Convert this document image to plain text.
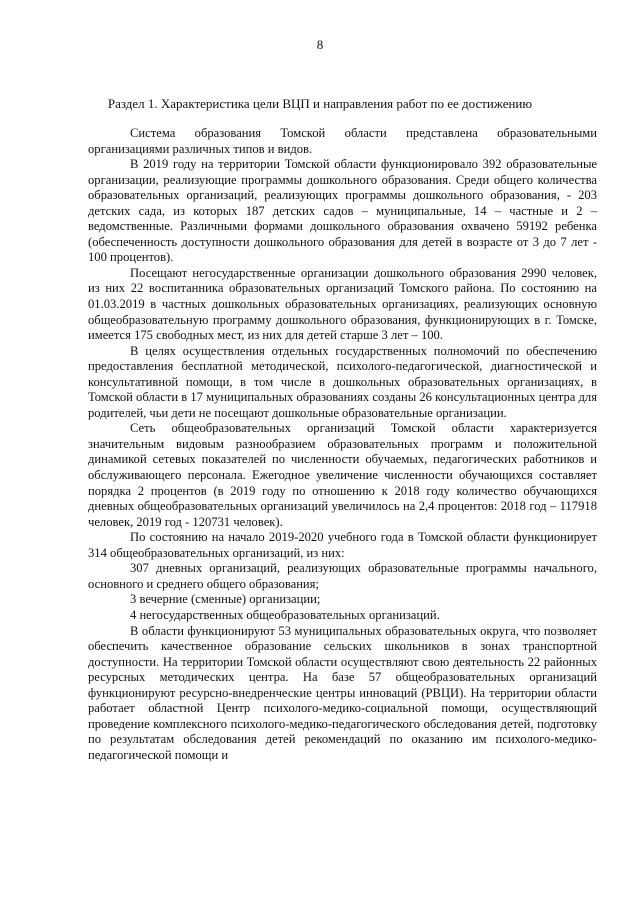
8
Раздел 1. Характеристика цели ВЦП и направления работ по ее достижению

Система образования Томской области представлена образовательными организациями различных типов и видов.

В 2019 году на территории Томской области функционировало 392 образовательные организации, реализующие программы дошкольного образования. Среди общего количества образовательных организаций, реализующих программы дошкольного образования, - 203 детских сада, из которых 187 детских садов – муниципальные, 14 – частные и 2 – ведомственные. Различными формами дошкольного образования охвачено 59192 ребенка (обеспеченность доступности дошкольного образования для детей в возрасте от 3 до 7 лет - 100 процентов).

Посещают негосударственные организации дошкольного образования 2990 человек, из них 22 воспитанника образовательных организаций Томского района. По состоянию на 01.03.2019 в частных дошкольных образовательных организациях, реализующих основную общеобразовательную программу дошкольного образования, функционирующих в г. Томске, имеется 175 свободных мест, из них для детей старше 3 лет – 100.

В целях осуществления отдельных государственных полномочий по обеспечению предоставления бесплатной методической, психолого-педагогической, диагностической и консультативной помощи, в том числе в дошкольных образовательных организациях, в Томской области в 17 муниципальных образованиях созданы 26 консультационных центра для родителей, чьи дети не посещают дошкольные образовательные организации.

Сеть общеобразовательных организаций Томской области характеризуется значительным видовым разнообразием образовательных программ и положительной динамикой сетевых показателей по численности обучаемых, педагогических работников и обслуживающего персонала. Ежегодное увеличение численности обучающихся составляет порядка 2 процентов (в 2019 году по отношению к 2018 году количество обучающихся дневных общеобразовательных организаций увеличилось на 2,4 процентов: 2018 год – 117918 человек, 2019 год - 120731 человек).

По состоянию на начало 2019-2020 учебного года в Томской области функционирует 314 общеобразовательных организаций, из них:

307 дневных организаций, реализующих образовательные программы начального, основного и среднего общего образования;

3 вечерние (сменные) организации;

4 негосударственных общеобразовательных организаций.

В области функционируют 53 муниципальных образовательных округа, что позволяет обеспечить качественное образование сельских школьников в зонах транспортной доступности. На территории Томской области осуществляют свою деятельность 22 районных ресурсных методических центра. На базе 57 общеобразовательных организаций функционируют ресурсно-внедренческие центры инноваций (РВЦИ). На территории области работает областной Центр психолого-медико-социальной помощи, осуществляющий проведение комплексного психолого-медико-педагогического обследования детей, подготовку по результатам обследования детей рекомендаций по оказанию им психолого-медико-педагогической помощи и
